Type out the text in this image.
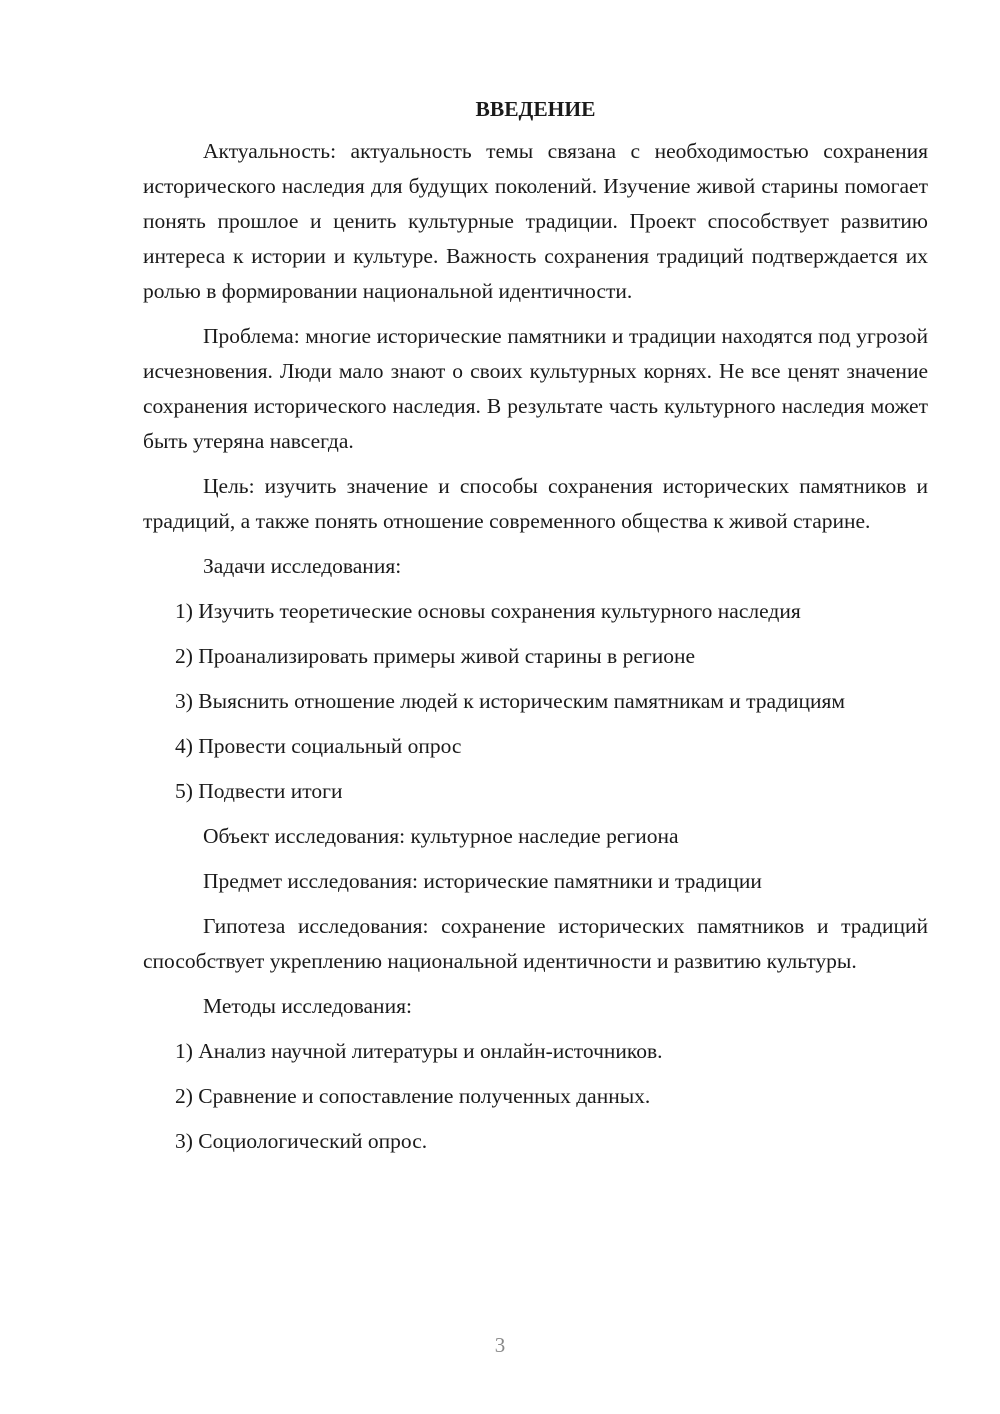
ВВЕДЕНИЕ

Актуальность: актуальность темы связана с необходимостью сохранения исторического наследия для будущих поколений. Изучение живой старины помогает понять прошлое и ценить культурные традиции. Проект способствует развитию интереса к истории и культуре. Важность сохранения традиций подтверждается их ролью в формировании национальной идентичности.

Проблема: многие исторические памятники и традиции находятся под угрозой исчезновения. Люди мало знают о своих культурных корнях. Не все ценят значение сохранения исторического наследия. В результате часть культурного наследия может быть утеряна навсегда.

Цель: изучить значение и способы сохранения исторических памятников и традиций, а также понять отношение современного общества к живой старине.

Задачи исследования:

1) Изучить теоретические основы сохранения культурного наследия

2) Проанализировать примеры живой старины в регионе

3) Выяснить отношение людей к историческим памятникам и традициям

4) Провести социальный опрос

5) Подвести итоги

Объект исследования: культурное наследие региона

Предмет исследования: исторические памятники и традиции

Гипотеза исследования: сохранение исторических памятников и традиций способствует укреплению национальной идентичности и развитию культуры.

Методы исследования:

1) Анализ научной литературы и онлайн-источников.

2) Сравнение и сопоставление полученных данных.

3) Социологический опрос.

3
